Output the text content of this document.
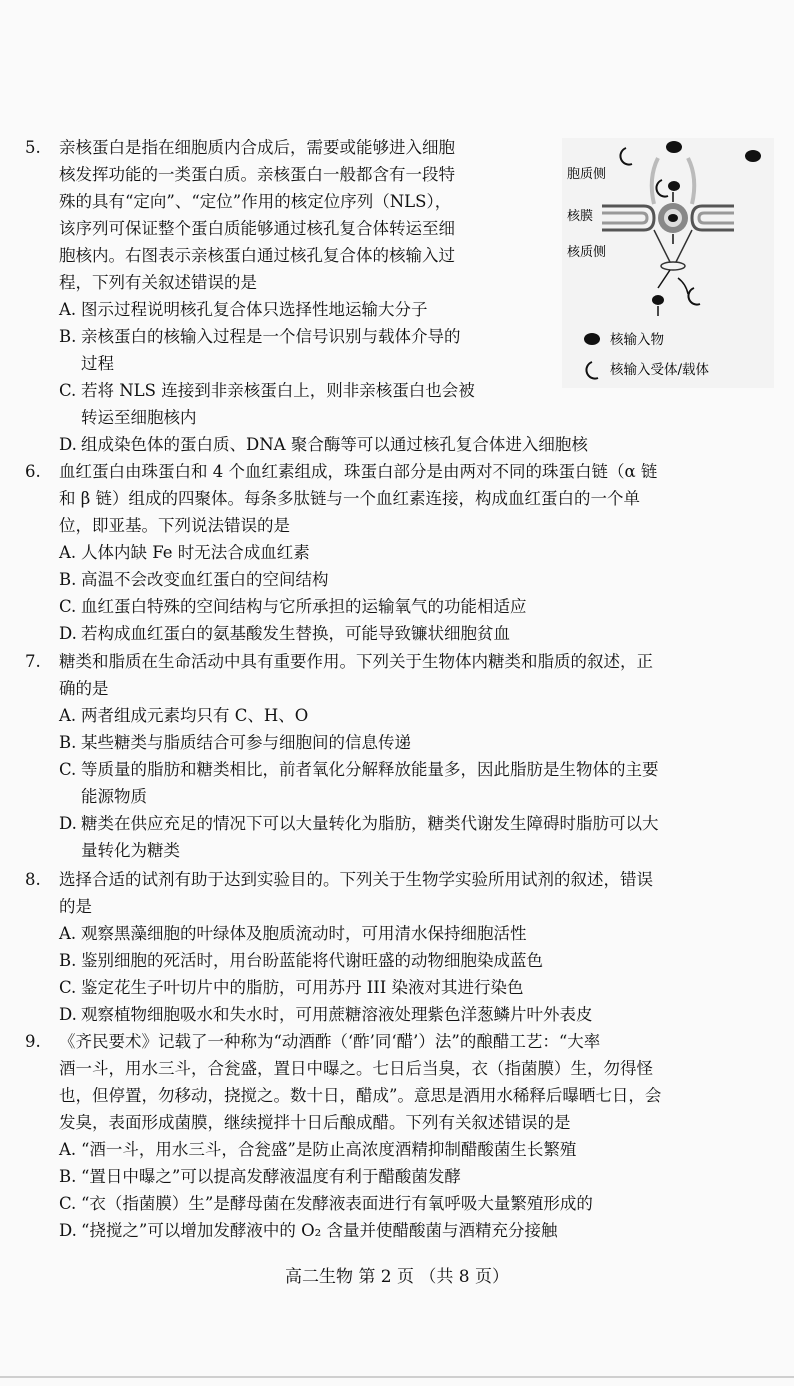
5. 亲核蛋白是指在细胞质内合成后，需要或能够进入细胞
核发挥功能的一类蛋白质。亲核蛋白一般都含有一段特
殊的具有“定向”、“定位”作用的核定位序列（NLS），
该序列可保证整个蛋白质能够通过核孔复合体转运至细
胞核内。右图表示亲核蛋白通过核孔复合体的核输入过
程，下列有关叙述错误的是
A. 图示过程说明核孔复合体只选择性地运输大分子
B. 亲核蛋白的核输入过程是一个信号识别与载体介导的
过程
C. 若将 NLS 连接到非亲核蛋白上，则非亲核蛋白也会被
转运至细胞核内
D. 组成染色体的蛋白质、DNA 聚合酶等可以通过核孔复合体进入细胞核
胞质侧
核膜
核质侧
核输入物
核输入受体/载体
6. 血红蛋白由珠蛋白和 4 个血红素组成，珠蛋白部分是由两对不同的珠蛋白链（α 链
和 β 链）组成的四聚体。每条多肽链与一个血红素连接，构成血红蛋白的一个单
位，即亚基。下列说法错误的是
A. 人体内缺 Fe 时无法合成血红素
B. 高温不会改变血红蛋白的空间结构
C. 血红蛋白特殊的空间结构与它所承担的运输氧气的功能相适应
D. 若构成血红蛋白的氨基酸发生替换，可能导致镰状细胞贫血
7. 糖类和脂质在生命活动中具有重要作用。下列关于生物体内糖类和脂质的叙述，正
确的是
A. 两者组成元素均只有 C、H、O
B. 某些糖类与脂质结合可参与细胞间的信息传递
C. 等质量的脂肪和糖类相比，前者氧化分解释放能量多，因此脂肪是生物体的主要
能源物质
D. 糖类在供应充足的情况下可以大量转化为脂肪，糖类代谢发生障碍时脂肪可以大
量转化为糖类
8. 选择合适的试剂有助于达到实验目的。下列关于生物学实验所用试剂的叙述，错误
的是
A. 观察黑藻细胞的叶绿体及胞质流动时，可用清水保持细胞活性
B. 鉴别细胞的死活时，用台盼蓝能将代谢旺盛的动物细胞染成蓝色
C. 鉴定花生子叶切片中的脂肪，可用苏丹 III 染液对其进行染色
D. 观察植物细胞吸水和失水时，可用蔗糖溶液处理紫色洋葱鳞片叶外表皮
9. 《齐民要术》记载了一种称为“动酒酢（‘酢’同‘醋’）法”的酿醋工艺：“大率
酒一斗，用水三斗，合瓮盛，置日中曝之。七日后当臭，衣（指菌膜）生，勿得怪
也，但停置，勿移动，挠搅之。数十日，醋成”。意思是酒用水稀释后曝晒七日，会
发臭，表面形成菌膜，继续搅拌十日后酿成醋。下列有关叙述错误的是
A. “酒一斗，用水三斗，合瓮盛”是防止高浓度酒精抑制醋酸菌生长繁殖
B. “置日中曝之”可以提高发酵液温度有利于醋酸菌发酵
C. “衣（指菌膜）生”是酵母菌在发酵液表面进行有氧呼吸大量繁殖形成的
D. “挠搅之”可以增加发酵液中的 O₂ 含量并使醋酸菌与酒精充分接触
高二生物 第 2 页 （共 8 页）
